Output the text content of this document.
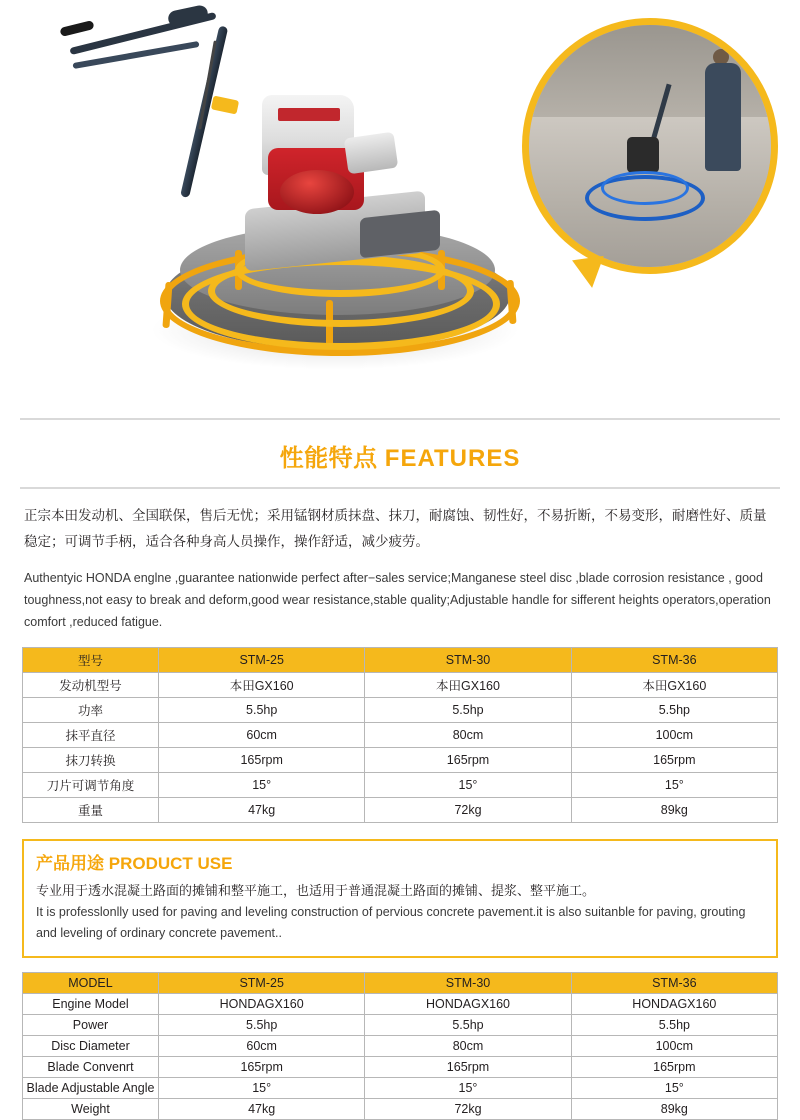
性能特点 FEATURES

正宗本田发动机、全国联保，售后无忧；采用锰钢材质抹盘、抹刀，耐腐蚀、韧性好，不易折断，不易变形，耐磨性好、质量稳定；可调节手柄，适合各种身高人员操作，操作舒适，减少疲劳。

Authentyic HONDA englne ,guarantee nationwide perfect after−sales service;Manganese steel disc ,blade corrosion resistance , good toughness,not easy to break and deform,good wear resistance,stable quality;Adjustable handle for sifferent heights operators,operation comfort ,reduced fatigue.

型号	STM-25	STM-30	STM-36
发动机型号	本田GX160	本田GX160	本田GX160
功率	5.5hp	5.5hp	5.5hp
抹平直径	60cm	80cm	100cm
抹刀转换	165rpm	165rpm	165rpm
刀片可调节角度	15°	15°	15°
重量	47kg	72kg	89kg
产品用途 PRODUCT USE
专业用于透水混凝土路面的摊铺和整平施工，也适用于普通混凝土路面的摊铺、提浆、整平施工。
It is professlonlly used for paving and leveling construction of pervious concrete pavement.it is also suitanble for paving, grouting and leveling of ordinary concrete pavement..
MODEL	STM-25	STM-30	STM-36
Engine Model	HONDAGX160	HONDAGX160	HONDAGX160
Power	5.5hp	5.5hp	5.5hp
Disc Diameter	60cm	80cm	100cm
Blade Convenrt	165rpm	165rpm	165rpm
Blade Adjustable Angle	15°	15°	15°
Weight	47kg	72kg	89kg
